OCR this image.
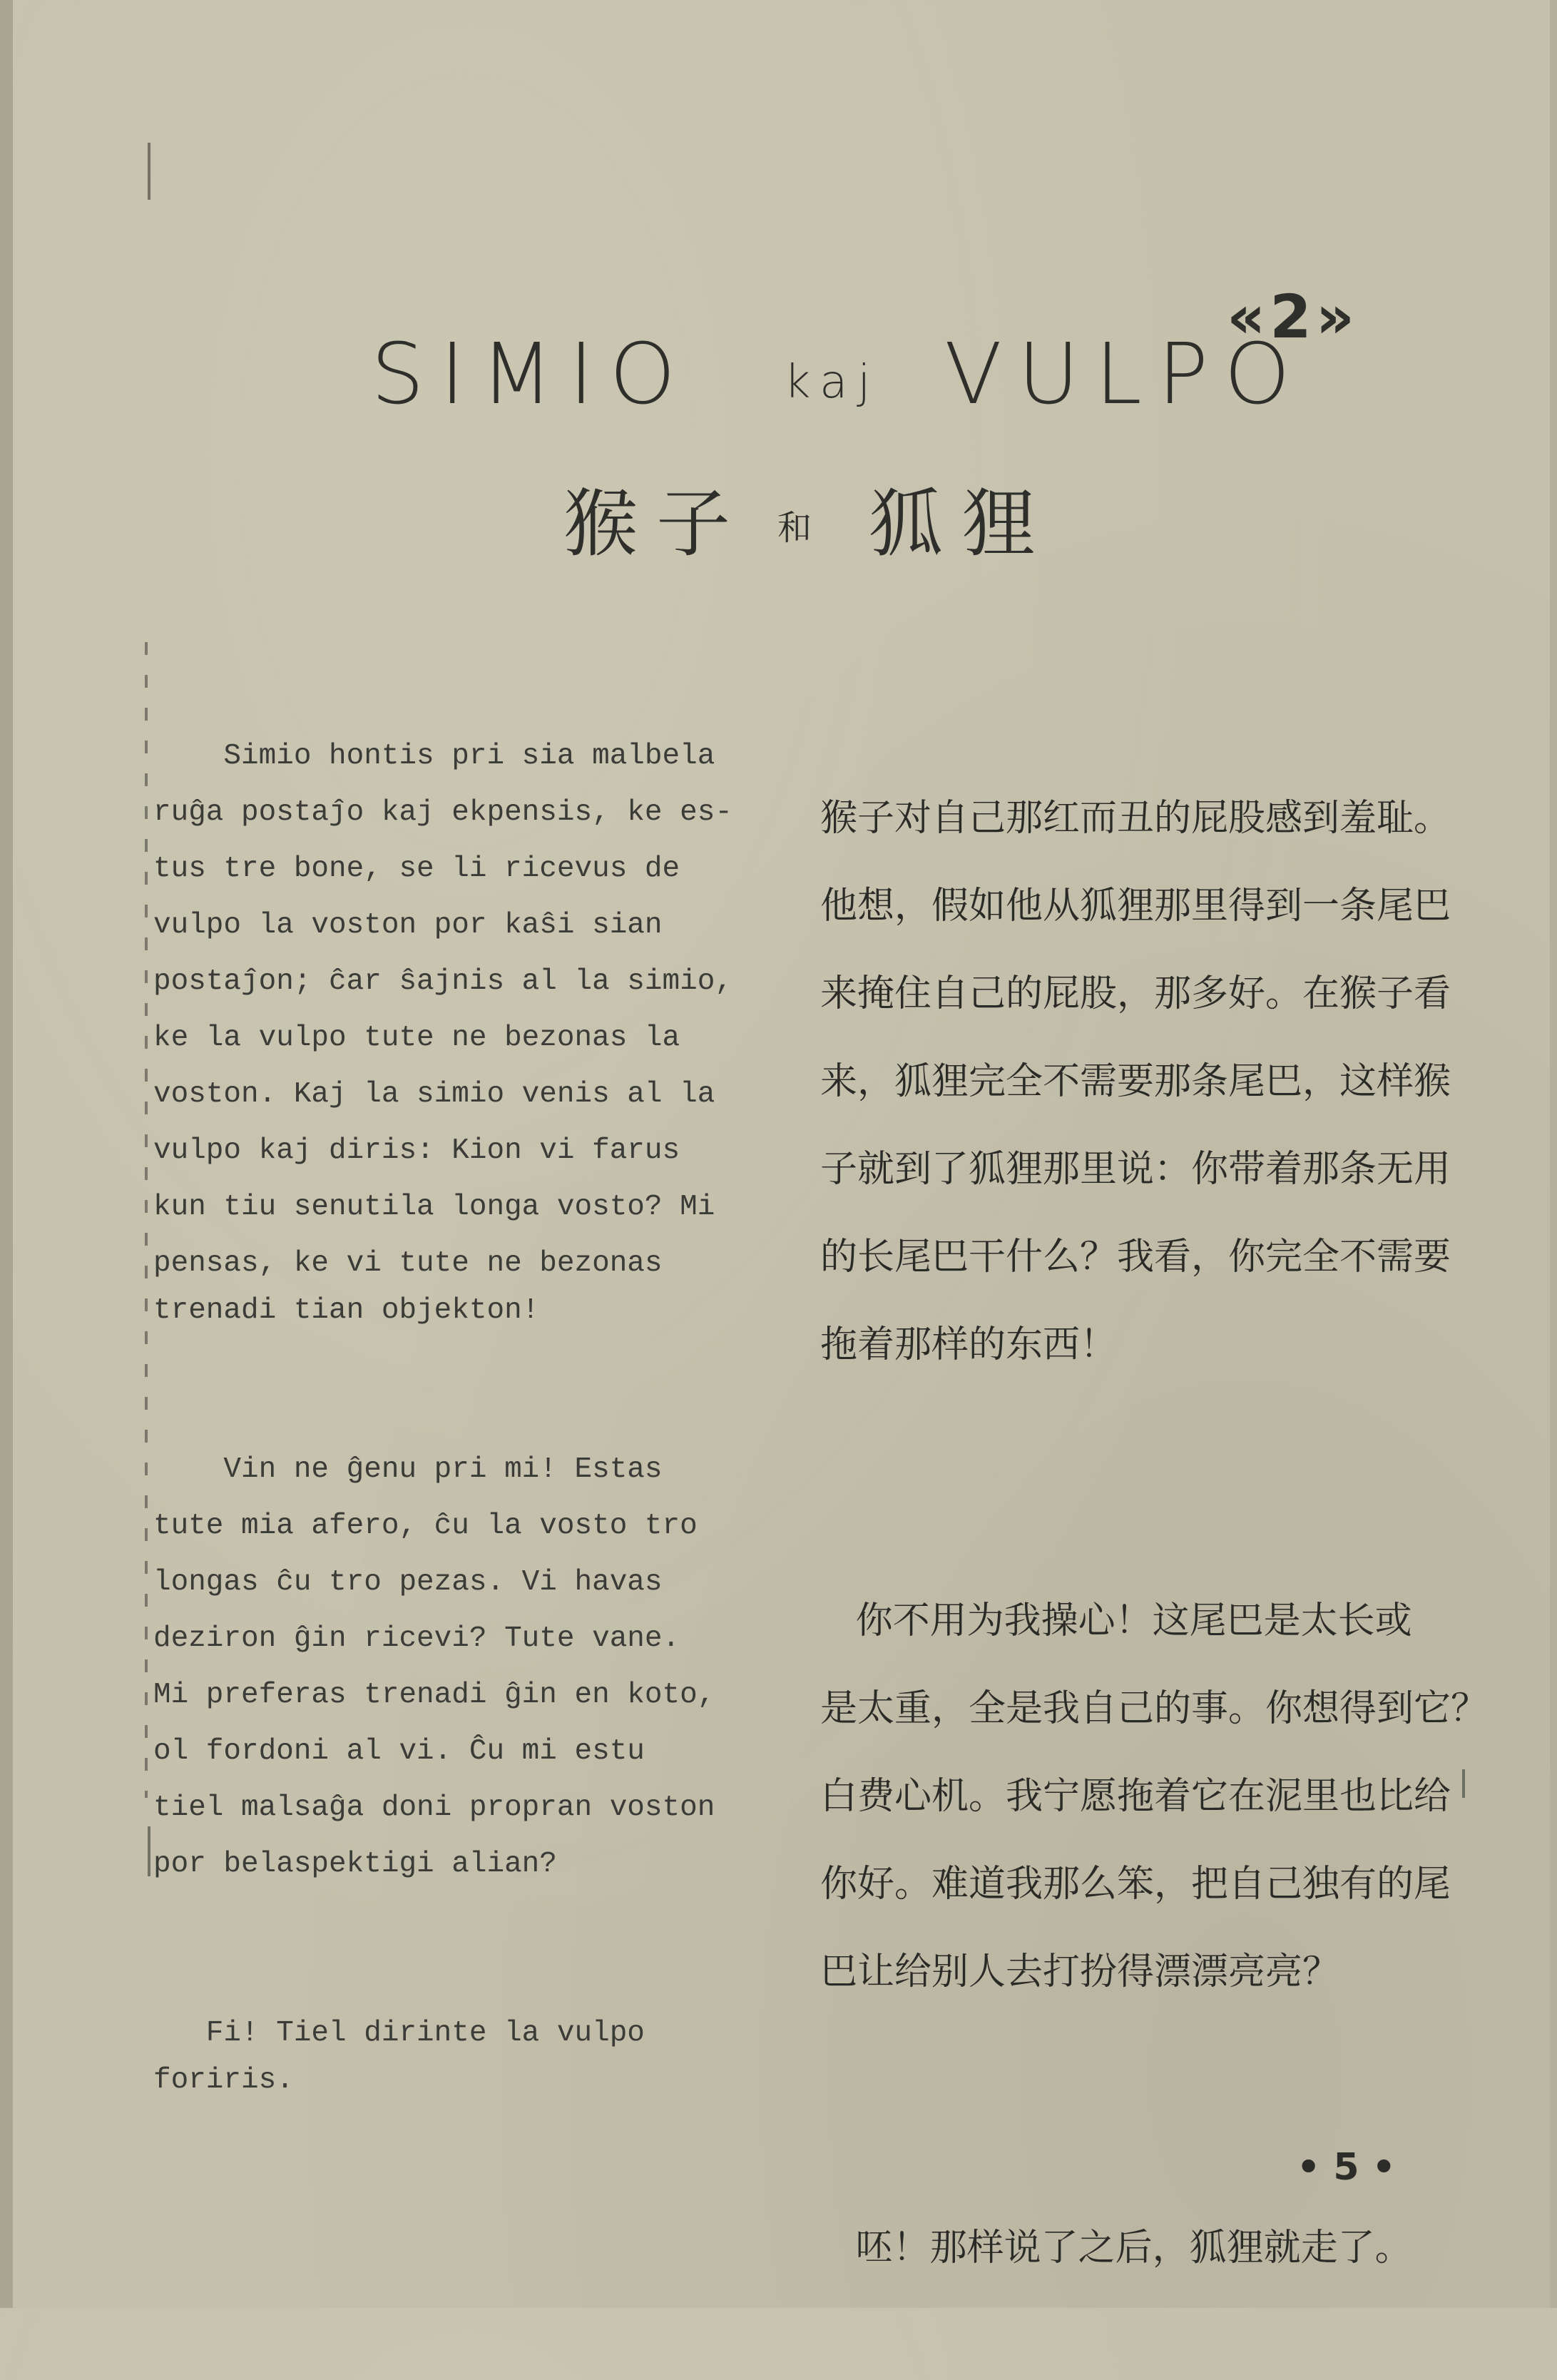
«2»
SIMIO kaj VULPO
猴子 和 狐狸

Simio hontis pri sia malbela
ruĝa postaĵo kaj ekpensis, ke es-
tus tre bone, se li ricevus de
vulpo la voston por kaŝi sian
postaĵon; ĉar ŝajnis al la simio,
ke la vulpo tute ne bezonas la
voston. Kaj la simio venis al la
vulpo kaj diris: Kion vi farus
kun tiu senutila longa vosto? Mi
pensas, ke vi tute ne bezonas
trenadi tian objekton!

Vin ne ĝenu pri mi! Estas
tute mia afero, ĉu la vosto tro
longas ĉu tro pezas. Vi havas
deziron ĝin ricevi? Tute vane.
Mi preferas trenadi ĝin en koto,
ol fordoni al vi. Ĉu mi estu
tiel malsaĝa doni propran voston
por belaspektigi alian?

Fi! Tiel dirinte la vulpo
foriris.

猴子对自己那红而丑的屁股感到羞耻。
他想，假如他从狐狸那里得到一条尾巴
来掩住自己的屁股，那多好。在猴子看
来，狐狸完全不需要那条尾巴，这样猴
子就到了狐狸那里说：你带着那条无用
的长尾巴干什么？我看，你完全不需要
拖着那样的东西！

你不用为我操心！这尾巴是太长或
是太重，全是我自己的事。你想得到它？
白费心机。我宁愿拖着它在泥里也比给
你好。难道我那么笨，把自己独有的尾
巴让给别人去打扮得漂漂亮亮？

呸！那样说了之后，狐狸就走了。

• 5 •
